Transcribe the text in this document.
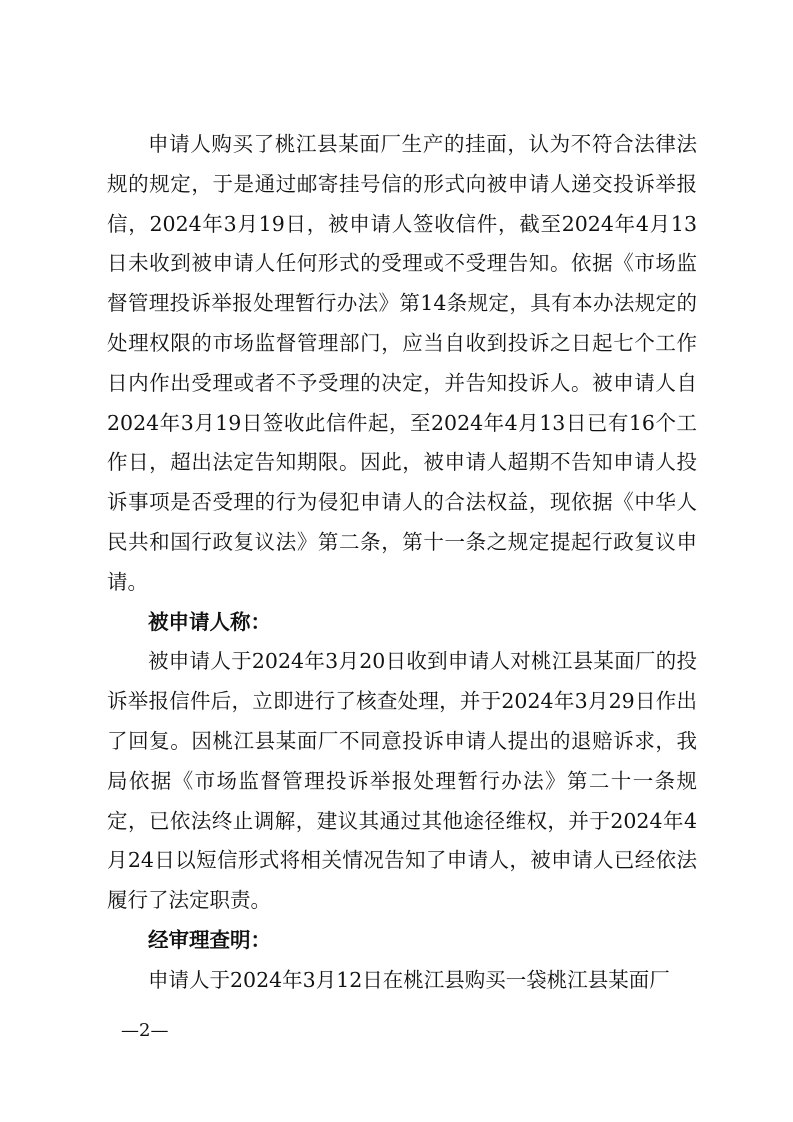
申请人购买了桃江县某面厂生产的挂面，认为不符合法律法规的规定，于是通过邮寄挂号信的形式向被申请人递交投诉举报信，2024年3月19日，被申请人签收信件，截至2024年4月13日未收到被申请人任何形式的受理或不受理告知。依据《市场监督管理投诉举报处理暂行办法》第14条规定，具有本办法规定的处理权限的市场监督管理部门，应当自收到投诉之日起七个工作日内作出受理或者不予受理的决定，并告知投诉人。被申请人自2024年3月19日签收此信件起，至2024年4月13日已有16个工作日，超出法定告知期限。因此，被申请人超期不告知申请人投诉事项是否受理的行为侵犯申请人的合法权益，现依据《中华人民共和国行政复议法》第二条，第十一条之规定提起行政复议申请。

被申请人称：

被申请人于2024年3月20日收到申请人对桃江县某面厂的投诉举报信件后，立即进行了核查处理，并于2024年3月29日作出了回复。因桃江县某面厂不同意投诉申请人提出的退赔诉求，我局依据《市场监督管理投诉举报处理暂行办法》第二十一条规定，已依法终止调解，建议其通过其他途径维权，并于2024年4月24日以短信形式将相关情况告知了申请人，被申请人已经依法履行了法定职责。

经审理查明：

申请人于2024年3月12日在桃江县购买一袋桃江县某面厂

—2—
